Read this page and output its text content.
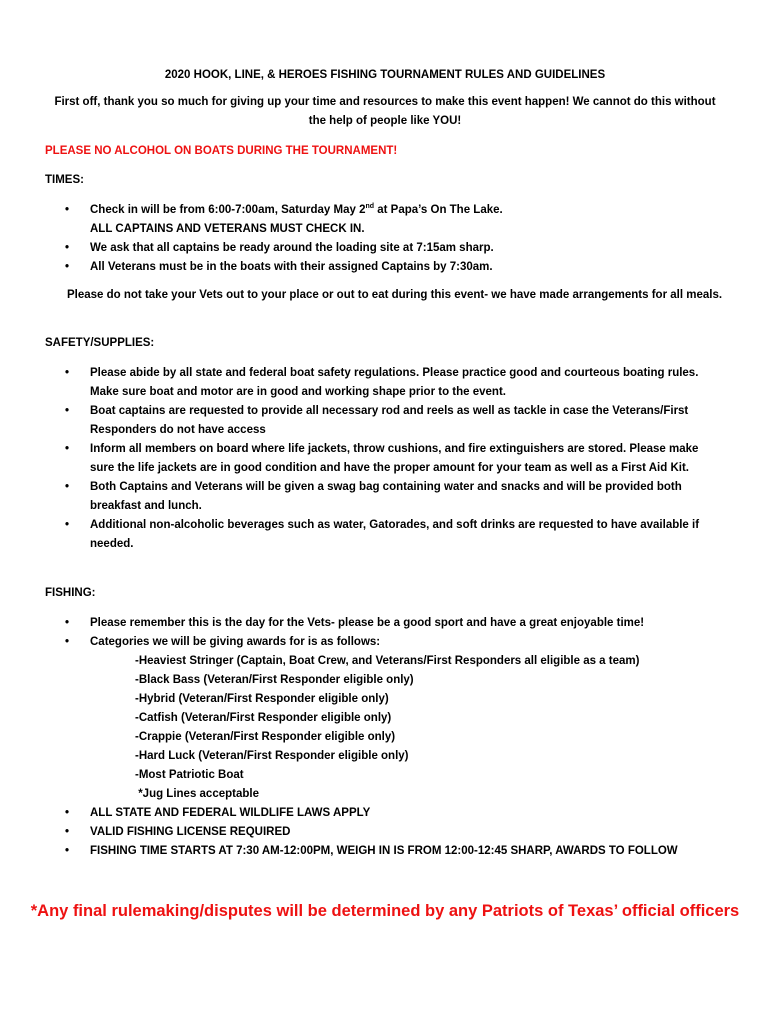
2020 HOOK, LINE, & HEROES FISHING TOURNAMENT RULES AND GUIDELINES
First off, thank you so much for giving up your time and resources to make this event happen! We cannot do this without the help of people like YOU!
PLEASE NO ALCOHOL ON BOATS DURING THE TOURNAMENT!
TIMES:
• Check in will be from 6:00-7:00am, Saturday May 2nd at Papa’s On The Lake.
ALL CAPTAINS AND VETERANS MUST CHECK IN.
• We ask that all captains be ready around the loading site at 7:15am sharp.
• All Veterans must be in the boats with their assigned Captains by 7:30am.
Please do not take your Vets out to your place or out to eat during this event- we have made arrangements for all meals.
SAFETY/SUPPLIES:
• Please abide by all state and federal boat safety regulations. Please practice good and courteous boating rules. Make sure boat and motor are in good and working shape prior to the event.
• Boat captains are requested to provide all necessary rod and reels as well as tackle in case the Veterans/First Responders do not have access
• Inform all members on board where life jackets, throw cushions, and fire extinguishers are stored. Please make sure the life jackets are in good condition and have the proper amount for your team as well as a First Aid Kit.
• Both Captains and Veterans will be given a swag bag containing water and snacks and will be provided both breakfast and lunch.
• Additional non-alcoholic beverages such as water, Gatorades, and soft drinks are requested to have available if needed.
FISHING:
• Please remember this is the day for the Vets- please be a good sport and have a great enjoyable time!
• Categories we will be giving awards for is as follows:
-Heaviest Stringer (Captain, Boat Crew, and Veterans/First Responders all eligible as a team)
-Black Bass (Veteran/First Responder eligible only)
-Hybrid (Veteran/First Responder eligible only)
-Catfish (Veteran/First Responder eligible only)
-Crappie (Veteran/First Responder eligible only)
-Hard Luck (Veteran/First Responder eligible only)
-Most Patriotic Boat
*Jug Lines acceptable
• ALL STATE AND FEDERAL WILDLIFE LAWS APPLY
• VALID FISHING LICENSE REQUIRED
• FISHING TIME STARTS AT 7:30 AM-12:00PM, WEIGH IN IS FROM 12:00-12:45 SHARP, AWARDS TO FOLLOW
*Any final rulemaking/disputes will be determined by any Patriots of Texas’ official officers
